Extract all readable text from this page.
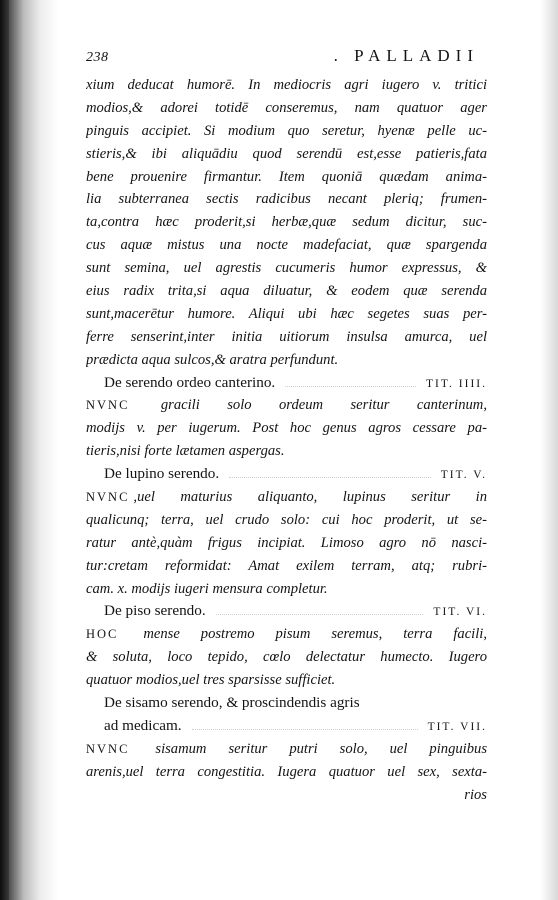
238	. PALLADII
xium deducat humorē. In mediocris agri iugero v. tritici
modios,& adorei totidē conseremus, nam quatuor ager
pinguis accipiet. Si modium quo seretur, hyenæ pelle uc-
stieris,& ibi aliquādiu quod serendū est,esse patieris,fata
bene prouenire firmantur. Item quoniā quædam anima-
lia subterranea sectis radicibus necant pleriq; frumen-
ta,contra hæc proderit,si herbæ,quæ sedum dicitur, suc-
cus aquæ mistus una nocte madefaciat, quæ spargenda
sunt semina, uel agrestis cucumeris humor expressus, &
eius radix trita,si aqua diluatur, & eodem quæ serenda
sunt,macerētur humore. Aliqui ubi hæc segetes suas per-
ferre senserint,inter initia uitiorum insulsa amurca, uel
prædicta aqua sulcos,& aratra perfundunt.
De serendo ordeo canterino.	TIT. IIII.
NVNC gracili solo ordeum seritur canterinum,
modijs v. per iugerum. Post hoc genus agros cessare pa-
tieris,nisi forte lætamen aspergas.
De lupino serendo.	TIT. V.
NVNC ,uel maturius aliquanto, lupinus seritur in
qualicunq; terra, uel crudo solo: cui hoc proderit, ut se-
ratur antè,quàm frigus incipiat. Limoso agro nō nasci-
tur:cretam reformidat: Amat exilem terram, atq; rubri-
cam. x. modijs iugeri mensura completur.
De piso serendo.	TIT. VI.
HOC mense postremo pisum seremus, terra facili,
& soluta, loco tepido, cœlo delectatur humecto. Iugero
quatuor modios,uel tres sparsisse sufficiet.
De sisamo serendo, & proscindendis agris
ad medicam.	TIT. VII.
NVNC sisamum seritur putri solo, uel pinguibus
arenis,uel terra congestitia. Iugera quatuor uel sex, sexta-
rios
